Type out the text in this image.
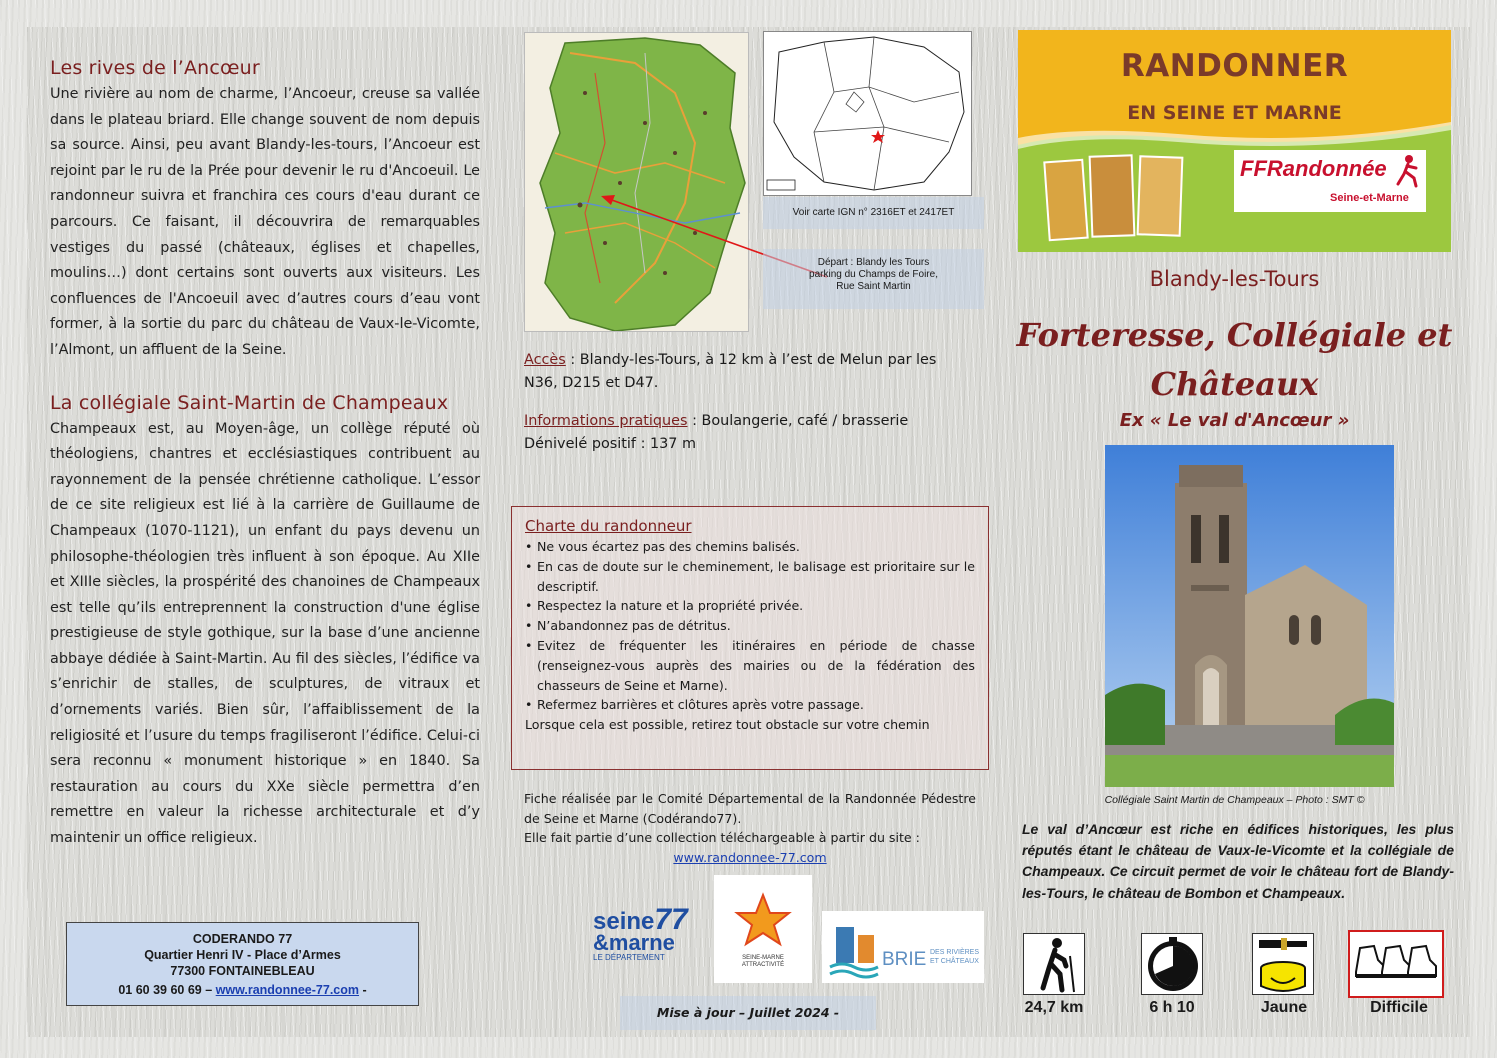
Les rives de l’Ancœur

Une rivière au nom de charme, l’Ancoeur, creuse sa vallée dans le plateau briard. Elle change souvent de nom depuis sa source. Ainsi, peu avant Blandy-les-tours, l’Ancoeur est rejoint par le ru de la Prée pour devenir le ru d'Ancoeuil. Le randonneur suivra et franchira ces cours d'eau durant ce parcours. Ce faisant, il découvrira de remarquables vestiges du passé (châteaux, églises et chapelles, moulins…) dont certains sont ouverts aux visiteurs. Les confluences de l'Ancoeuil avec d’autres cours d’eau vont former, à la sortie du parc du château de Vaux-le-Vicomte, l’Almont, un affluent de la Seine.

La collégiale Saint-Martin de Champeaux

Champeaux est, au Moyen-âge, un collège réputé où théologiens, chantres et ecclésiastiques contribuent au rayonnement de la pensée chrétienne catholique. L’essor de ce site religieux est lié à la carrière de Guillaume de Champeaux (1070-1121), un enfant du pays devenu un philosophe-théologien très influent à son époque. Au XIIe et XIIIe siècles, la prospérité des chanoines de Champeaux est telle qu’ils entreprennent la construction d'une église prestigieuse de style gothique, sur la base d’une ancienne abbaye dédiée à Saint-Martin. Au fil des siècles, l’édifice va s’enrichir de stalles, de sculptures, de vitraux et d’ornements variés. Bien sûr, l’affaiblissement de la religiosité et l’usure du temps fragiliseront l’édifice. Celui-ci sera reconnu « monument historique » en 1840. Sa restauration au cours du XXe siècle permettra d’en remettre en valeur la richesse architecturale et d’y maintenir un office religieux.

CODERANDO 77
Quartier Henri IV - Place d’Armes
77300 FONTAINEBLEAU
01 60 39 60 69 – www.randonnee-77.com -
Voir carte IGN n° 2316ET et 2417ET
Départ : Blandy les Tours
parking du Champs de Foire,
Rue Saint Martin
Accès : Blandy-les-Tours, à 12 km à l’est de Melun par les N36, D215 et D47.
Informations pratiques : Boulangerie, café / brasserie
Dénivelé positif : 137 m
Charte du randonneur
• Ne vous écartez pas des chemins balisés.
• En cas de doute sur le cheminement, le balisage est prioritaire sur le descriptif.
• Respectez la nature et la propriété privée.
• N’abandonnez pas de détritus.
• Evitez de fréquenter les itinéraires en période de chasse (renseignez-vous auprès des mairies ou de la fédération des chasseurs de Seine et Marne).
• Refermez barrières et clôtures après votre passage.
Lorsque cela est possible, retirez tout obstacle sur votre chemin
Fiche réalisée par le Comité Départemental de la Randonnée Pédestre de Seine et Marne (Codérando77).
Elle fait partie d’une collection téléchargeable à partir du site :
www.randonnee-77.com
seine77
&marne
LE DÉPARTEMENT	SEINE-MARNE ATTRACTIVITÉ	BRIE DES RIVIÈRES
ET CHÂTEAUX
Mise à jour – Juillet 2024 -
RANDONNER
EN SEINE ET MARNE
FFRandonnée
Seine-et-Marne
Blandy-les-Tours
Forteresse, Collégiale et Châteaux
Ex « Le val d'Ancœur »
Collégiale Saint Martin de Champeaux – Photo : SMT ©
Le val d’Ancœur est riche en édifices historiques, les plus réputés étant le château de Vaux-le-Vicomte et la collégiale de Champeaux. Ce circuit permet de voir le château fort de Blandy-les-Tours, le château de Bombon et Champeaux.
24,7 km	6 h 10	Jaune	Difficile
